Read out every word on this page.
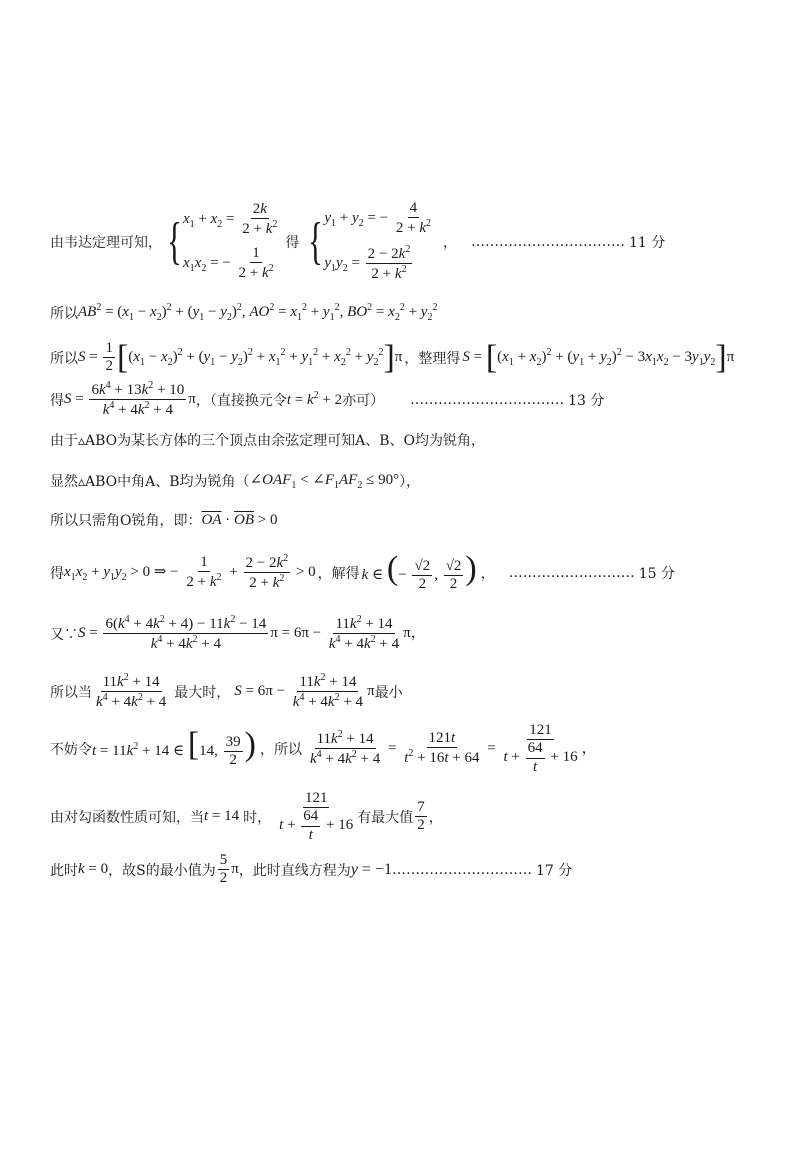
由韦达定理可知， { $x_1 + x_2 = \frac{2k}{2 + k^2}$
$x_1x_2$ = − $\frac{1}{2 + k^2}$
得 { $y_1 + y_2$ = − $\frac{4}{2 + k^2}$
$y_1y_2 = \frac{2 - 2k^2}{2 + k^2}$
， …………………………… 11 分
所以 $AB^2 = (x_1 - x_2)^2 + (y_1 - y_2)^2$, $AO^2 = x_1^2 + y_1^2$, $BO^2 = x_2^2 + y_2^2$
所以 $S = \frac{1}{2}$ [ $(x_1 - x_2)^2 + (y_1 - y_2)^2 + x_1^2 + y_1^2 + x_2^2 + y_2^2$ ] π ，整理得 S = [ $(x_1 + x_2)^2 + (y_1 + y_2)^2 - 3x_1x_2 - 3y_1y_2$ ] π
得 $S = \frac{6k^4 + 13k^2 + 10}{k^4 + 4k^2 + 4}$ π ，（直接换元令 $t = k^2 + 2$ 亦可） …………………………… 13 分
由于▵ABO为某长方体的三个顶点由余弦定理可知A、B、O均为锐角，
显然▵ABO中角A、B均为锐角（ $\angle OAF_1$ < $\angle F_1AF_2 \le 90^\circ$ ），
所以只需角O锐角，即： $\overline{OA} \cdot \overline{OB} > 0$
得 $x_1x_2 + y_1y_2 > 0$ ⇒ − $\frac{1}{2 + k^2} + \frac{2 - 2k^2}{2 + k^2} > 0$ ，解得 k ∈ (− $\frac{√2}{2}$ , $\frac{√2}{2}$ ) ， ……………………… 15 分
又∵ $S = \frac{6(k^4 + 4k^2 + 4) - 11k^2 - 14}{k^4 + 4k^2 + 4}$ $\pi = 6\pi - \frac{11k^2 + 14}{k^4 + 4k^2 + 4}$ π，
所以当 $\frac{11k^2 + 14}{k^4 + 4k^2 + 4}$ 最大时， $S = 6\pi - \frac{11k^2 + 14}{k^4 + 4k^2 + 4}$ π 最小
不妨令 $t = 11k^2 + 14$ ∈ [14, $\frac{39}{2}$ ) ，所以 $\frac{11k^2 + 14}{k^4 + 4k^2 + 4} = \frac{121t}{t^2 + 16t + 64} = \frac{121}{t + \frac{64}{t} + 16}$ ，
由对勾函数性质可知，当 t = 14 时， $\frac{121}{t + \frac{64}{t} + 16}$ 有最大值 $\frac{7}{2}$ ，
此时 k = 0 ，故S的最小值为 $\frac{5}{2}$ π ，此时直线方程为 y = −1 ………………………… 17 分
